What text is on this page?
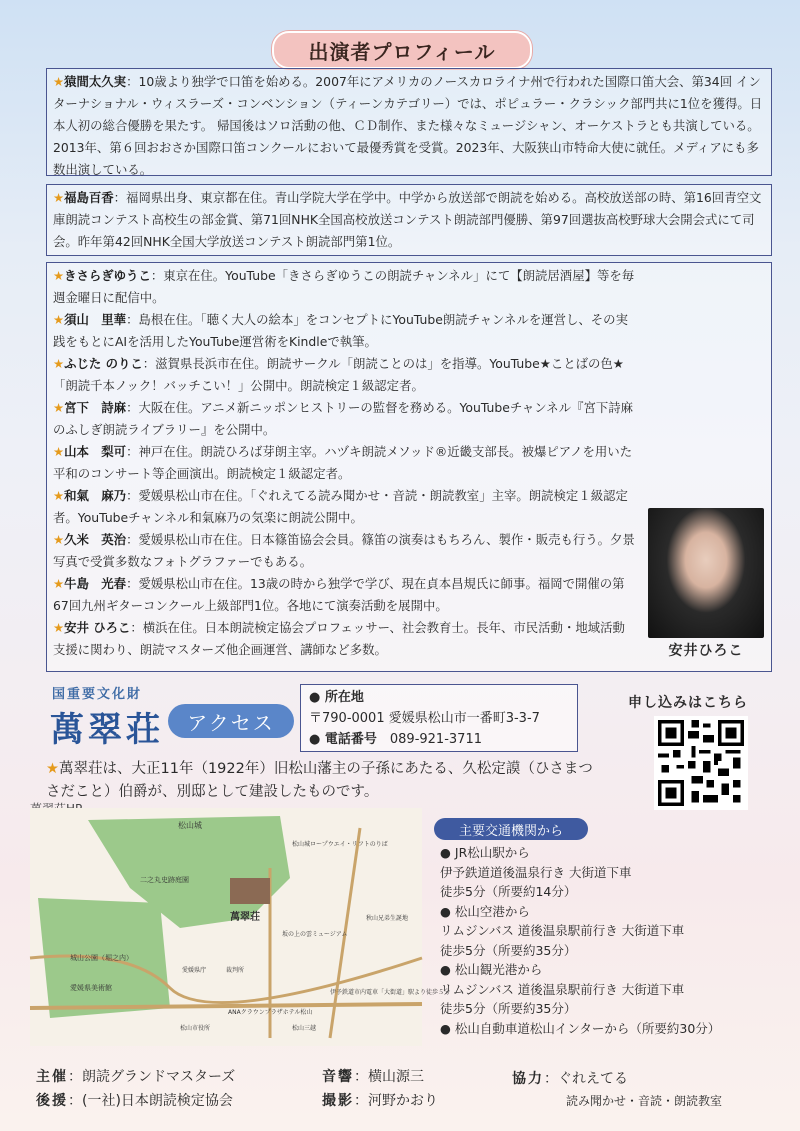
出演者プロフィール
★猿間太久実：10歳より独学で口笛を始める。2007年にアメリカのノースカロライナ州で行われた国際口笛大会、第34回 インターナショナル・ウィスラーズ・コンベンション（ティーンカテゴリー）では、ポピュラー・クラシック部門共に1位を獲得。日本人初の総合優勝を果たす。 帰国後はソロ活動の他、ＣＤ制作、また様々なミュージシャン、オーケストラとも共演している。 2013年、第６回おおさか国際口笛コンクールにおいて最優秀賞を受賞。2023年、大阪狭山市特命大使に就任。メディアにも多数出演している。
★福島百香：福岡県出身、東京都在住。青山学院大学在学中。中学から放送部で朗読を始める。高校放送部の時、第16回青空文庫朗読コンテスト高校生の部金賞、第71回NHK全国高校放送コンテスト朗読部門優勝、第97回選抜高校野球大会開会式にて司会。昨年第42回NHK全国大学放送コンテスト朗読部門第1位。
★きさらぎゆうこ：東京在住。YouTube「きさらぎゆうこの朗読チャンネル」にて【朗読居酒屋】等を毎週金曜日に配信中。
★須山　里華：島根在住。「聴く大人の絵本」をコンセプトにYouTube朗読チャンネルを運営し、その実践をもとにAIを活用したYouTube運営術をKindleで執筆。
★ふじた のりこ：滋賀県長浜市在住。朗読サークル「朗読ことのは」を指導。YouTube★ことばの色★「朗読千本ノック！バッチこい！」公開中。朗読検定１級認定者。
★宮下　詩麻：大阪在住。アニメ新ニッポンヒストリーの監督を務める。YouTubeチャンネル『宮下詩麻のふしぎ朗読ライブラリー』を公開中。
★山本　梨可：神戸在住。朗読ひろば芽朗主宰。ハヅキ朗読メソッド®近畿支部長。被爆ピアノを用いた平和のコンサート等企画演出。朗読検定１級認定者。
★和氣　麻乃：愛媛県松山市在住。「ぐれえてる読み聞かせ・音読・朗読教室」主宰。朗読検定１級認定者。YouTubeチャンネル和氣麻乃の気楽に朗読公開中。
★久米　英治：愛媛県松山市在住。日本篠笛協会会員。篠笛の演奏はもちろん、製作・販売も行う。夕景写真で受賞多数なフォトグラファーでもある。
★牛島　光春：愛媛県松山市在住。13歳の時から独学で学び、現在貞本昌規氏に師事。福岡で開催の第67回九州ギターコンクール上級部門1位。各地にて演奏活動を展開中。
★安井 ひろこ：横浜在住。日本朗読検定協会プロフェッサー、社会教育士。長年、市民活動・地域活動支援に関わり、朗読マスターズ他企画運営、講師など多数。	安井ひろこ
国重要文化財
萬翠荘	アクセス
● 所在地
〒790-0001 愛媛県松山市一番町3-3-7
● 電話番号　 089-921-3711
申し込みはこちら
★萬翠荘は、大正11年（1922年）旧松山藩主の子孫にあたる、久松定謨（ひさまつさだこと）伯爵が、別邸として建設したものです。
松山城
二之丸史跡庭園
松山城ロープウエイ・リフトのりば
萬翠荘
坂の上の雲ミュージアム
城山公園（堀之内）
愛媛県美術館
愛媛県庁	裁判所
ANAクラウンプラザホテル松山
秋山兄弟生誕地
伊予鉄道市内電車「大街道」駅より徒歩５分
松山市役所	松山三越
主要交通機関から
● JR松山駅から
伊予鉄道道後温泉行き 大街道下車
徒歩5分（所要約14分）
● 松山空港から
リムジンバス 道後温泉駅前行き 大街道下車
徒歩5分（所要約35分）
● 松山観光港から
リムジンバス 道後温泉駅前行き 大街道下車
徒歩5分（所要約35分）
● 松山自動車道松山インターから（所要約30分）
主催：朗読グランドマスターズ
後援：(一社)日本朗読検定協会
音響：横山源三
撮影：河野かおり
協力：ぐれえてる
読み聞かせ・音読・朗読教室
